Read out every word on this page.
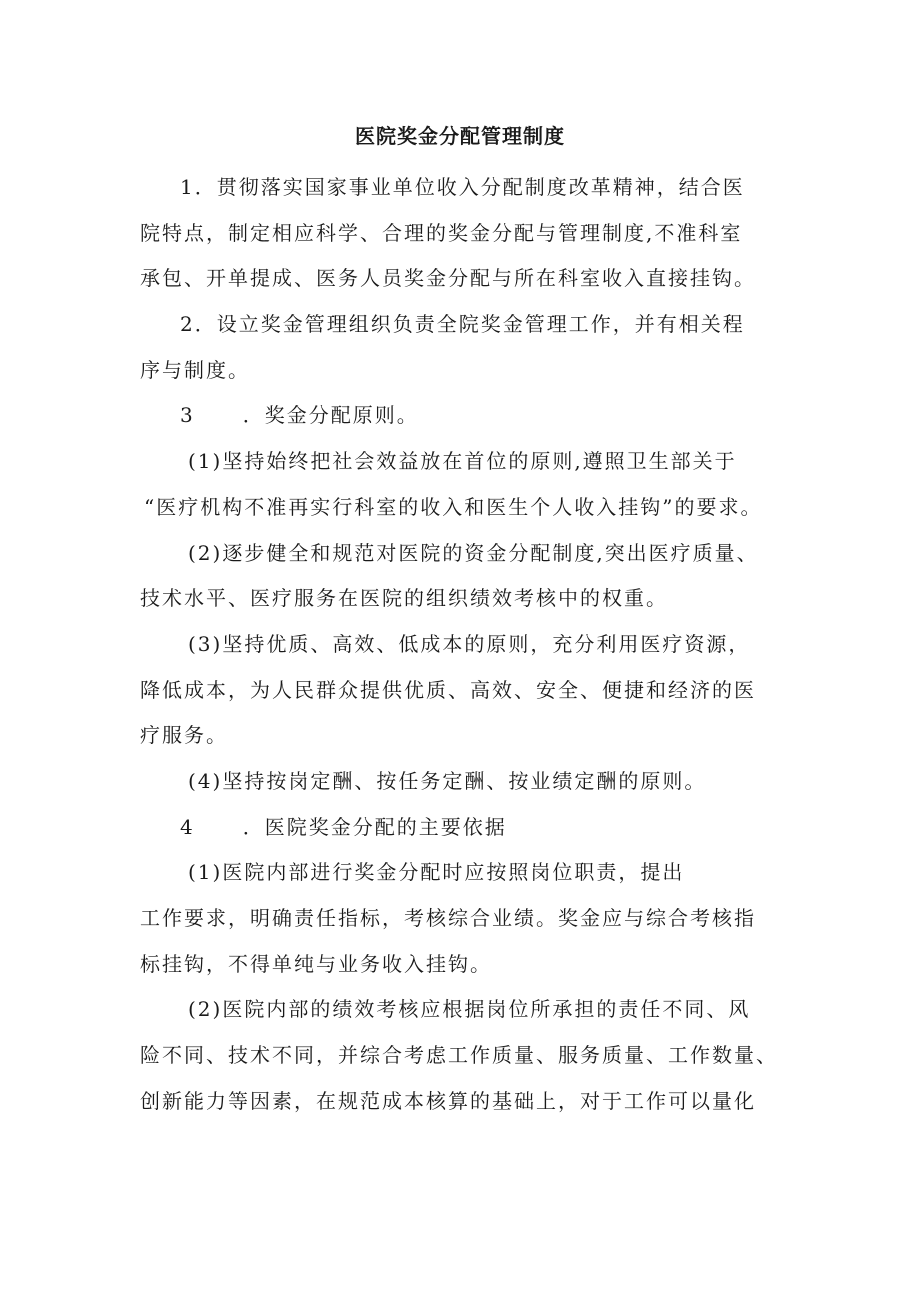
医院奖金分配管理制度
1．贯彻落实国家事业单位收入分配制度改革精神，结合医
院特点，制定相应科学、合理的奖金分配与管理制度,不准科室
承包、开单提成、医务人员奖金分配与所在科室收入直接挂钩。
2．设立奖金管理组织负责全院奖金管理工作，并有相关程
序与制度。
3 ．奖金分配原则。
(1)坚持始终把社会效益放在首位的原则,遵照卫生部关于
“医疗机构不准再实行科室的收入和医生个人收入挂钩”的要求。
(2)逐步健全和规范对医院的资金分配制度,突出医疗质量、
技术水平、医疗服务在医院的组织绩效考核中的权重。
(3)坚持优质、高效、低成本的原则，充分利用医疗资源，
降低成本，为人民群众提供优质、高效、安全、便捷和经济的医
疗服务。
(4)坚持按岗定酬、按任务定酬、按业绩定酬的原则。
4 ．医院奖金分配的主要依据
(1)医院内部进行奖金分配时应按照岗位职责，提出
工作要求，明确责任指标，考核综合业绩。奖金应与综合考核指
标挂钩，不得单纯与业务收入挂钩。
(2)医院内部的绩效考核应根据岗位所承担的责任不同、风
险不同、技术不同，并综合考虑工作质量、服务质量、工作数量、
创新能力等因素，在规范成本核算的基础上，对于工作可以量化
